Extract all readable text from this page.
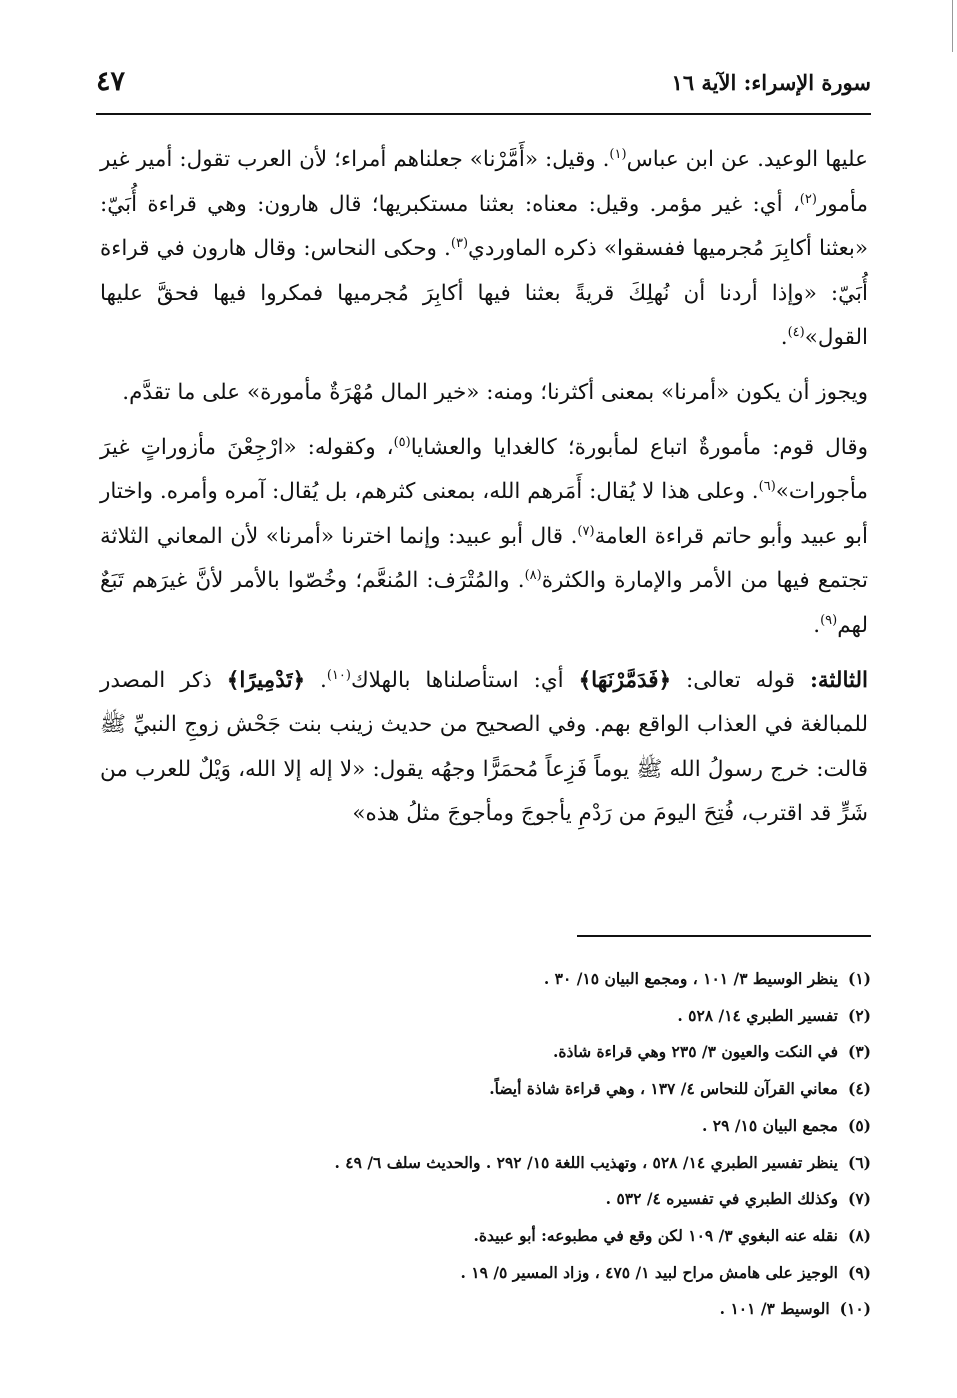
سورة الإسراء: الآية ١٦
٤٧

عليها الوعيد. عن ابن عباس$^{(١)}$. وقيل: «أَمَّرْنا» جعلناهم أمراء؛ لأن العرب تقول: أمير غير مأمور$^{(٢)}$، أي: غير مؤمر. وقيل: معناه: بعثنا مستكبريها؛ قال هارون: وهي قراءة أُبَيّ: «بعثنا أكابِرَ مُجرميها ففسقوا» ذكره الماوردي$^{(٣)}$. وحكى النحاس: وقال هارون في قراءة أُبَيّ: «وإذا أردنا أن نُهلِكَ قريةً بعثنا فيها أكابِرَ مُجرميها فمكروا فيها فحقَّ عليها القول»$^{(٤)}$.

ويجوز أن يكون «أمرنا» بمعنى أكثرنا؛ ومنه: «خير المال مُهْرَةٌ مأمورة» على ما تقدَّم.

وقال قوم: مأمورةٌ اتباع لمأبورة؛ كالغدايا والعشايا$^{(٥)}$، وكقوله: «ارْجِعْنَ مأزوراتٍ غيرَ مأجورات»$^{(٦)}$. وعلى هذا لا يُقال: أَمَرهم الله، بمعنى كثرهم، بل يُقال: آمره وأمره. واختار أبو عبيد وأبو حاتم قراءة العامة$^{(٧)}$. قال أبو عبيد: وإنما اخترنا «أمرنا» لأن المعاني الثلاثة تجتمع فيها من الأمر والإمارة والكثرة$^{(٨)}$. والمُتْرَف: المُنعَّم؛ وخُصّوا بالأمر لأنَّ غيرَهم تَبَعٌ لهم$^{(٩)}$.

الثالثة: قوله تعالى: ﴿فَدَمَّرْنَهَا﴾ أي: استأصلناها بالهلاك$^{(١٠)}$. ﴿تَدْمِيرًا﴾ ذكر المصدر للمبالغة في العذاب الواقع بهم. وفي الصحيح من حديث زينب بنت جَحْش زوجِ النبيِّ ﷺ قالت: خرج رسولُ الله ﷺ يوماً فَزِعاً مُحمَرًّا وجهُه يقول: «لا إله إلا الله، وَيْلٌ للعرب من شَرٍّ قد اقترب، فُتِحَ اليومَ من رَدْمِ يأجوجَ ومأجوجَ مثلُ هذه»

(١)ينظر الوسيط ٣/ ١٠١ ، ومجمع البيان ١٥/ ٣٠ .
(٢)تفسير الطبري ١٤/ ٥٢٨ .
(٣)في النكت والعيون ٣/ ٢٣٥ وهي قراءة شاذة.
(٤)معاني القرآن للنحاس ٤/ ١٣٧ ، وهي قراءة شاذة أيضاً.
(٥)مجمع البيان ١٥/ ٢٩ .
(٦)ينظر تفسير الطبري ١٤/ ٥٢٨ ، وتهذيب اللغة ١٥/ ٢٩٢ . والحديث سلف ٦/ ٤٩ .
(٧)وكذلك الطبري في تفسيره ٤/ ٥٣٢ .
(٨)نقله عنه البغوي ٣/ ١٠٩ لكن وقع في مطبوعه: أبو عبيدة.
(٩)الوجيز على هامش مراح لبيد ١/ ٤٧٥ ، وزاد المسير ٥/ ١٩ .
(١٠)الوسيط ٣/ ١٠١ .
